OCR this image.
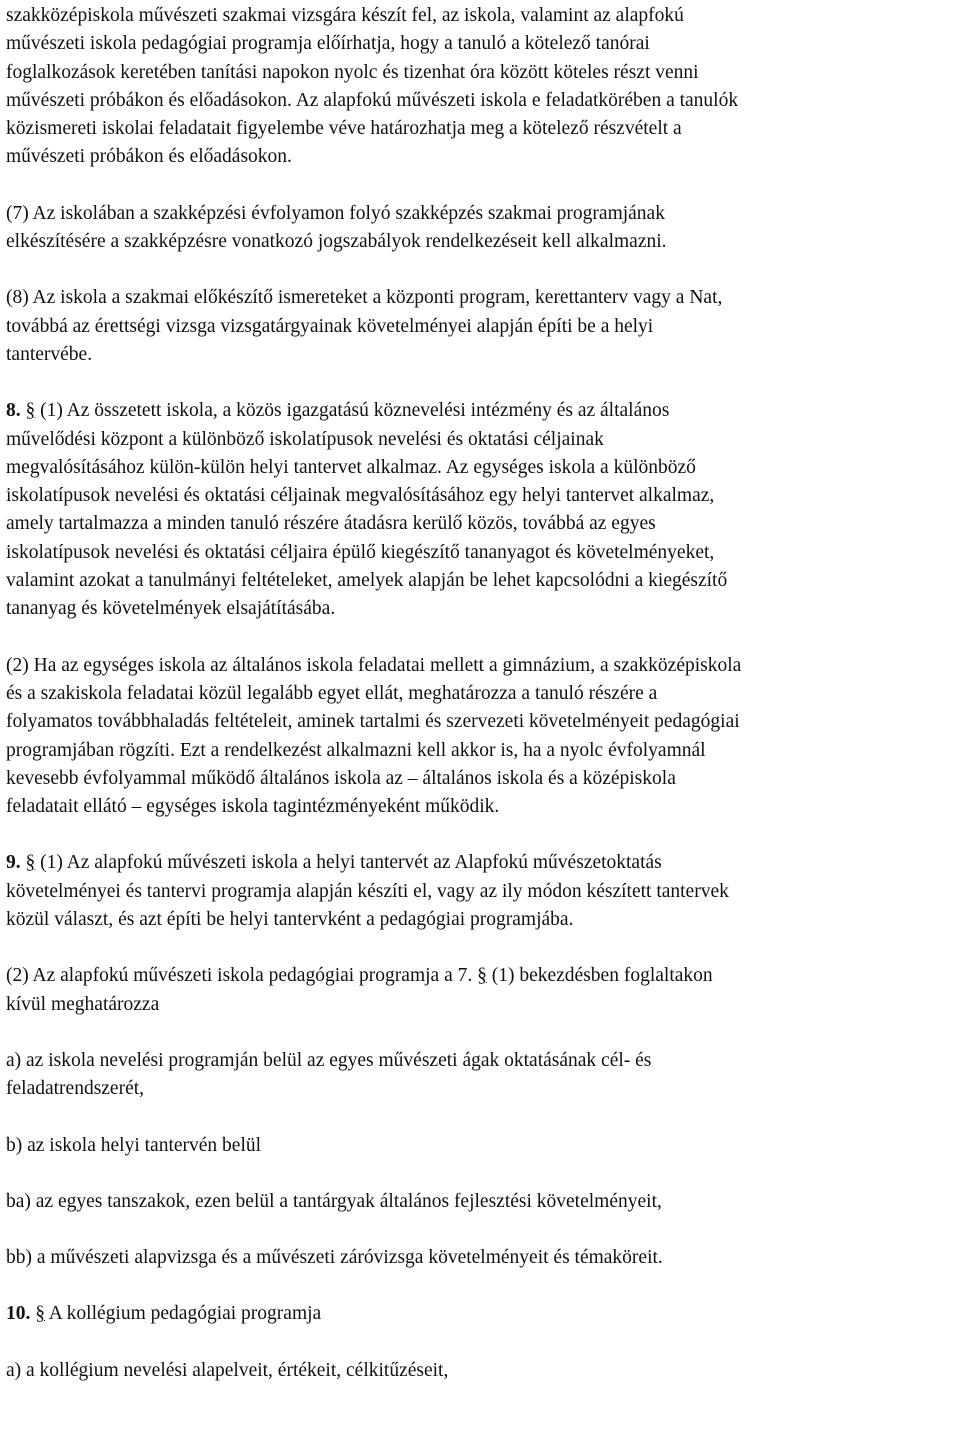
szakközépiskola művészeti szakmai vizsgára készít fel, az iskola, valamint az alapfokú
művészeti iskola pedagógiai programja előírhatja, hogy a tanuló a kötelező tanórai
foglalkozások keretében tanítási napokon nyolc és tizenhat óra között köteles részt venni
művészeti próbákon és előadásokon. Az alapfokú művészeti iskola e feladatkörében a tanulók
közismereti iskolai feladatait figyelembe véve határozhatja meg a kötelező részvételt a
művészeti próbákon és előadásokon.

(7) Az iskolában a szakképzési évfolyamon folyó szakképzés szakmai programjának
elkészítésére a szakképzésre vonatkozó jogszabályok rendelkezéseit kell alkalmazni.

(8) Az iskola a szakmai előkészítő ismereteket a központi program, kerettanterv vagy a Nat,
továbbá az érettségi vizsga vizsgatárgyainak követelményei alapján építi be a helyi
tantervébe.

8. § (1) Az összetett iskola, a közös igazgatású köznevelési intézmény és az általános
művelődési központ a különböző iskolatípusok nevelési és oktatási céljainak
megvalósításához külön-külön helyi tantervet alkalmaz. Az egységes iskola a különböző
iskolatípusok nevelési és oktatási céljainak megvalósításához egy helyi tantervet alkalmaz,
amely tartalmazza a minden tanuló részére átadásra kerülő közös, továbbá az egyes
iskolatípusok nevelési és oktatási céljaira épülő kiegészítő tananyagot és követelményeket,
valamint azokat a tanulmányi feltételeket, amelyek alapján be lehet kapcsolódni a kiegészítő
tananyag és követelmények elsajátításába.

(2) Ha az egységes iskola az általános iskola feladatai mellett a gimnázium, a szakközépiskola
és a szakiskola feladatai közül legalább egyet ellát, meghatározza a tanuló részére a
folyamatos továbbhaladás feltételeit, aminek tartalmi és szervezeti követelményeit pedagógiai
programjában rögzíti. Ezt a rendelkezést alkalmazni kell akkor is, ha a nyolc évfolyamnál
kevesebb évfolyammal működő általános iskola az – általános iskola és a középiskola
feladatait ellátó – egységes iskola tagintézményeként működik.

9. § (1) Az alapfokú művészeti iskola a helyi tantervét az Alapfokú művészetoktatás
követelményei és tantervi programja alapján készíti el, vagy az ily módon készített tantervek
közül választ, és azt építi be helyi tantervként a pedagógiai programjába.

(2) Az alapfokú művészeti iskola pedagógiai programja a 7. § (1) bekezdésben foglaltakon
kívül meghatározza

a) az iskola nevelési programján belül az egyes művészeti ágak oktatásának cél- és
feladatrendszerét,

b) az iskola helyi tantervén belül

ba) az egyes tanszakok, ezen belül a tantárgyak általános fejlesztési követelményeit,

bb) a művészeti alapvizsga és a művészeti záróvizsga követelményeit és témaköreit.

10. § A kollégium pedagógiai programja

a) a kollégium nevelési alapelveit, értékeit, célkitűzéseit,
